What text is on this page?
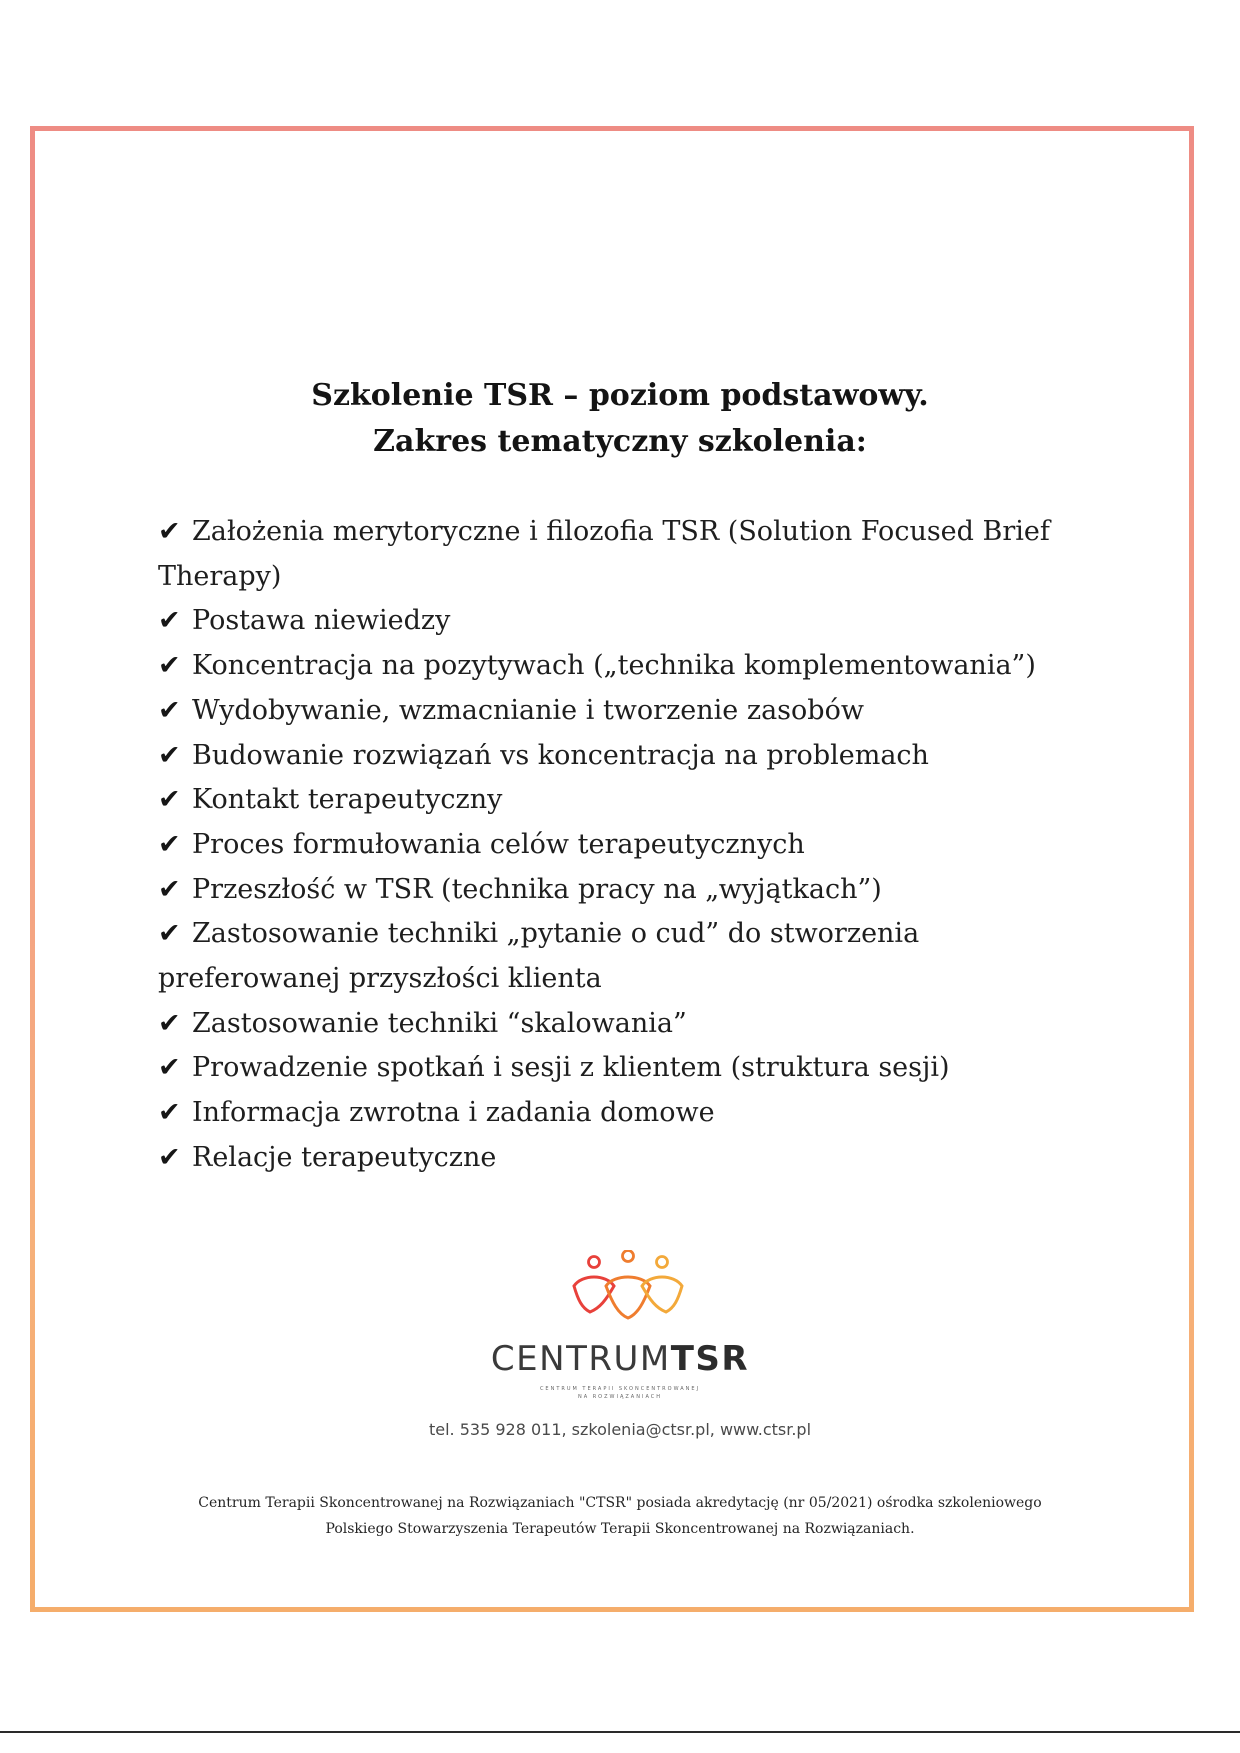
Szkolenie TSR – poziom podstawowy.
Zakres tematyczny szkolenia:
✔ Założenia merytoryczne i filozofia TSR (Solution Focused Brief Therapy)
✔ Postawa niewiedzy
✔ Koncentracja na pozytywach („technika komplementowania”)
✔ Wydobywanie, wzmacnianie i tworzenie zasobów
✔ Budowanie rozwiązań vs koncentracja na problemach
✔ Kontakt terapeutyczny
✔ Proces formułowania celów terapeutycznych
✔ Przeszłość w TSR (technika pracy na „wyjątkach”)
✔ Zastosowanie techniki „pytanie o cud” do stworzenia preferowanej przyszłości klienta
✔ Zastosowanie techniki “skalowania”
✔ Prowadzenie spotkań i sesji z klientem (struktura sesji)
✔ Informacja zwrotna i zadania domowe
✔ Relacje terapeutyczne
CENTRUMTSR
CENTRUM TERAPII SKONCENTROWANEJ
NA ROZWIĄZANIACH
tel. 535 928 011, szkolenia@ctsr.pl, www.ctsr.pl
Centrum Terapii Skoncentrowanej na Rozwiązaniach "CTSR" posiada akredytację (nr 05/2021) ośrodka szkoleniowego
Polskiego Stowarzyszenia Terapeutów Terapii Skoncentrowanej na Rozwiązaniach.
